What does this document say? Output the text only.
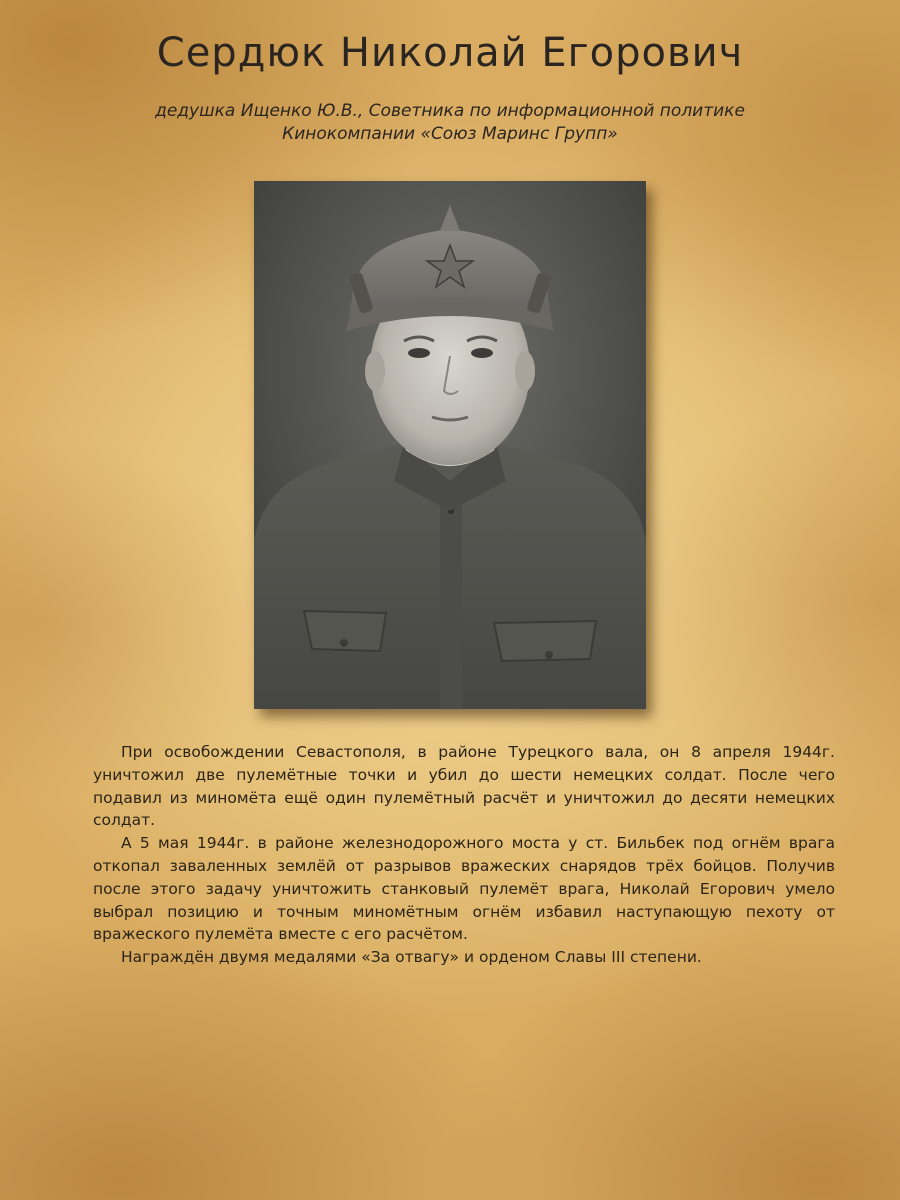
Сердюк Николай Егорович
дедушка Ищенко Ю.В., Советника по информационной политике
Кинокомпании «Союз Маринс Групп»

При освобождении Севастополя, в районе Турецкого вала, он 8 апреля 1944г. уничтожил две пулемётные точки и убил до шести немецких солдат. После чего подавил из миномёта ещё один пулемётный расчёт и уничтожил до десяти немецких солдат.

А 5 мая 1944г. в районе железнодорожного моста у ст. Бильбек под огнём врага откопал заваленных землёй от разрывов вражеских снарядов трёх бойцов. Получив после этого задачу уничтожить станковый пулемёт врага, Николай Егорович умело выбрал позицию и точным миномётным огнём избавил наступающую пехоту от вражеского пулемёта вместе с его расчётом.

Награждён двумя медалями «За отвагу» и орденом Славы III степени.
